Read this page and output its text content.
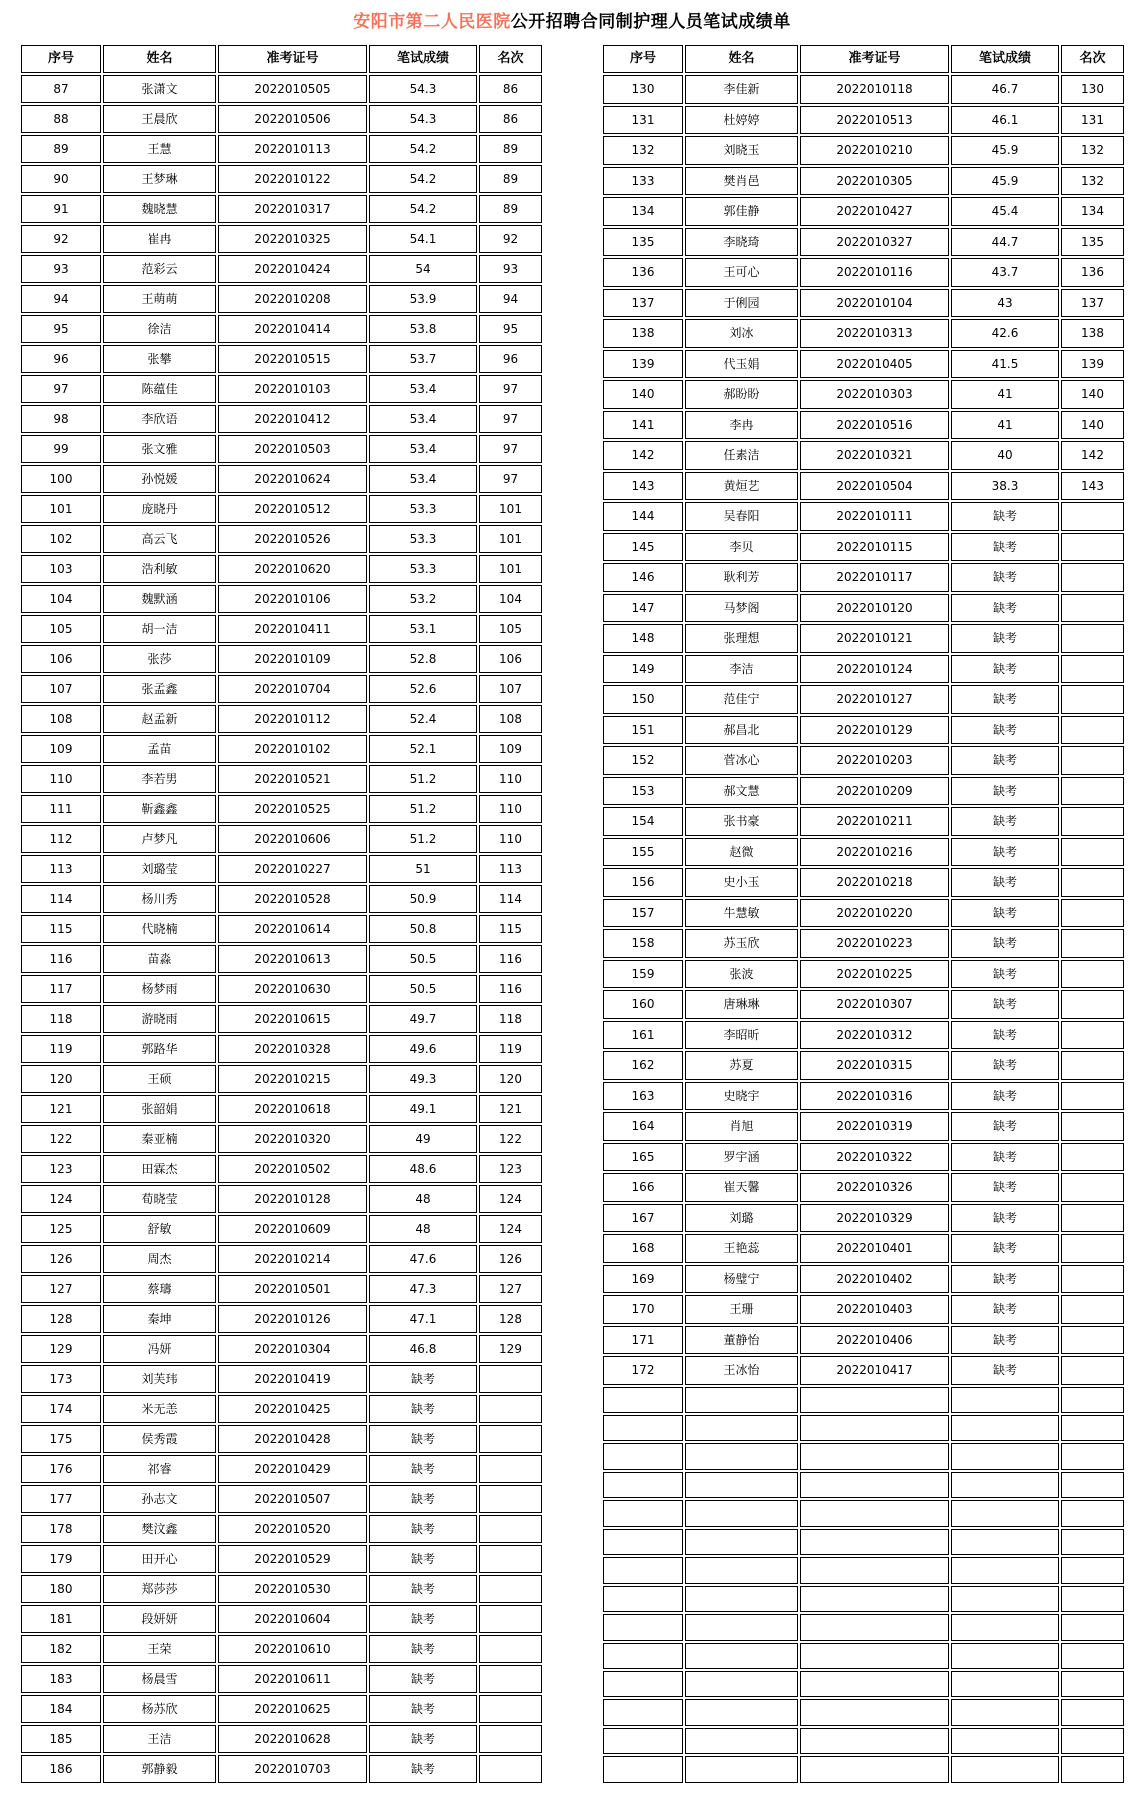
安阳市第二人民医院公开招聘合同制护理人员笔试成绩单
序号	姓名	准考证号	笔试成绩	名次
87	张潇文	2022010505	54.3	86
88	王晨欣	2022010506	54.3	86
89	王慧	2022010113	54.2	89
90	王梦琳	2022010122	54.2	89
91	魏晓慧	2022010317	54.2	89
92	崔冉	2022010325	54.1	92
93	范彩云	2022010424	54	93
94	王萌萌	2022010208	53.9	94
95	徐洁	2022010414	53.8	95
96	张攀	2022010515	53.7	96
97	陈蕴佳	2022010103	53.4	97
98	李欣语	2022010412	53.4	97
99	张文雅	2022010503	53.4	97
100	孙悦媛	2022010624	53.4	97
101	庞晓丹	2022010512	53.3	101
102	高云飞	2022010526	53.3	101
103	浩利敏	2022010620	53.3	101
104	魏默涵	2022010106	53.2	104
105	胡一洁	2022010411	53.1	105
106	张莎	2022010109	52.8	106
107	张孟鑫	2022010704	52.6	107
108	赵孟新	2022010112	52.4	108
109	孟苗	2022010102	52.1	109
110	李若男	2022010521	51.2	110
111	靳鑫鑫	2022010525	51.2	110
112	卢梦凡	2022010606	51.2	110
113	刘璐莹	2022010227	51	113
114	杨川秀	2022010528	50.9	114
115	代晓楠	2022010614	50.8	115
116	苗淼	2022010613	50.5	116
117	杨梦雨	2022010630	50.5	116
118	游晓雨	2022010615	49.7	118
119	郭路华	2022010328	49.6	119
120	王硕	2022010215	49.3	120
121	张韶娟	2022010618	49.1	121
122	秦亚楠	2022010320	49	122
123	田霖杰	2022010502	48.6	123
124	荀晓莹	2022010128	48	124
125	舒敏	2022010609	48	124
126	周杰	2022010214	47.6	126
127	蔡璹	2022010501	47.3	127
128	秦坤	2022010126	47.1	128
129	冯妍	2022010304	46.8	129
173	刘芙玮	2022010419	缺考	
174	米无恙	2022010425	缺考	
175	侯秀霞	2022010428	缺考	
176	祁睿	2022010429	缺考	
177	孙志文	2022010507	缺考	
178	樊汶鑫	2022010520	缺考	
179	田开心	2022010529	缺考	
180	郑莎莎	2022010530	缺考	
181	段妍妍	2022010604	缺考	
182	王荣	2022010610	缺考	
183	杨晨雪	2022010611	缺考	
184	杨苏欣	2022010625	缺考	
185	王洁	2022010628	缺考	
186	郭静毅	2022010703	缺考	
序号	姓名	准考证号	笔试成绩	名次
130	李佳新	2022010118	46.7	130
131	杜婷婷	2022010513	46.1	131
132	刘晓玉	2022010210	45.9	132
133	樊肖邑	2022010305	45.9	132
134	郭佳静	2022010427	45.4	134
135	李晓琦	2022010327	44.7	135
136	王可心	2022010116	43.7	136
137	于俐园	2022010104	43	137
138	刘冰	2022010313	42.6	138
139	代玉娟	2022010405	41.5	139
140	郝盼盼	2022010303	41	140
141	李冉	2022010516	41	140
142	任素洁	2022010321	40	142
143	黄烜艺	2022010504	38.3	143
144	吴春阳	2022010111	缺考	
145	李贝	2022010115	缺考	
146	耿利芳	2022010117	缺考	
147	马梦阁	2022010120	缺考	
148	张理想	2022010121	缺考	
149	李洁	2022010124	缺考	
150	范佳宁	2022010127	缺考	
151	郝昌北	2022010129	缺考	
152	菅冰心	2022010203	缺考	
153	郝文慧	2022010209	缺考	
154	张书豪	2022010211	缺考	
155	赵微	2022010216	缺考	
156	史小玉	2022010218	缺考	
157	牛慧敏	2022010220	缺考	
158	苏玉欣	2022010223	缺考	
159	张波	2022010225	缺考	
160	唐琳琳	2022010307	缺考	
161	李昭昕	2022010312	缺考	
162	苏夏	2022010315	缺考	
163	史晓宇	2022010316	缺考	
164	肖旭	2022010319	缺考	
165	罗宇涵	2022010322	缺考	
166	崔天馨	2022010326	缺考	
167	刘璐	2022010329	缺考	
168	王艳蕊	2022010401	缺考	
169	杨璧宁	2022010402	缺考	
170	王珊	2022010403	缺考	
171	董静怡	2022010406	缺考	
172	王冰怡	2022010417	缺考	
